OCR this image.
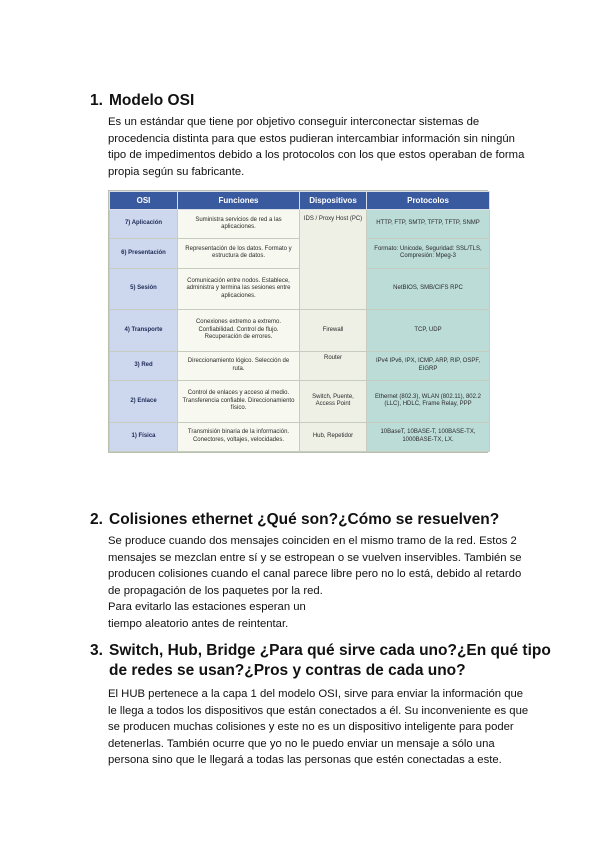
1. Modelo OSI

Es un estándar que tiene por objetivo conseguir interconectar sistemas de
procedencia distinta para que estos pudieran intercambiar información sin ningún
tipo de impedimentos debido a los protocolos con los que estos operaban de forma
propia según su fabricante.

OSI	Funciones	Dispositivos	Protocolos
7) Aplicación	Suministra servicios de red a las aplicaciones.	IDS / Proxy Host (PC)	HTTP, FTP, SMTP, TFTP, TFTP, SNMP
6) Presentación	Representación de los datos. Formato y estructura de datos.		Formato: Unicode, Seguridad: SSL/TLS, Compresión: Mpeg-3
5) Sesión	Comunicación entre nodos. Establece, administra y termina las sesiones entre aplicaciones.		NetBIOS, SMB/CIFS RPC
4) Transporte	Conexiones extremo a extremo. Confiabilidad. Control de flujo. Recuperación de errores.	Firewall	TCP, UDP
3) Red	Direccionamiento lógico. Selección de ruta.	Router	IPv4 IPv6, IPX, ICMP, ARP, RIP, OSPF, EIGRP
2) Enlace	Control de enlaces y acceso al medio. Transferencia confiable. Direccionamiento físico.	Switch, Puente, Access Point	Ethernet (802.3), WLAN (802.11), 802.2 (LLC), HDLC, Frame Relay, PPP
1) Física	Transmisión binaria de la información. Conectores, voltajes, velocidades.	Hub, Repetidor	10BaseT, 10BASE-T, 100BASE-TX, 1000BASE-TX, LX.
2. Colisiones ethernet ¿Qué son?¿Cómo se resuelven?

Se produce cuando dos mensajes coinciden en el mismo tramo de la red. Estos 2
mensajes se mezclan entre sí y se estropean o se vuelven inservibles. También se
producen colisiones cuando el canal parece libre pero no lo está, debido al retardo
de propagación de los paquetes por la red.
Para evitarlo las estaciones esperan un
tiempo aleatorio antes de reintentar.

3. Switch, Hub, Bridge ¿Para qué sirve cada uno?¿En qué tipo
de redes se usan?¿Pros y contras de cada uno?

El HUB pertenece a la capa 1 del modelo OSI, sirve para enviar la información que
le llega a todos los dispositivos que están conectados a él. Su inconveniente es que
se producen muchas colisiones y este no es un dispositivo inteligente para poder
detenerlas. También ocurre que yo no le puedo enviar un mensaje a sólo una
persona sino que le llegará a todas las personas que estén conectadas a este.
